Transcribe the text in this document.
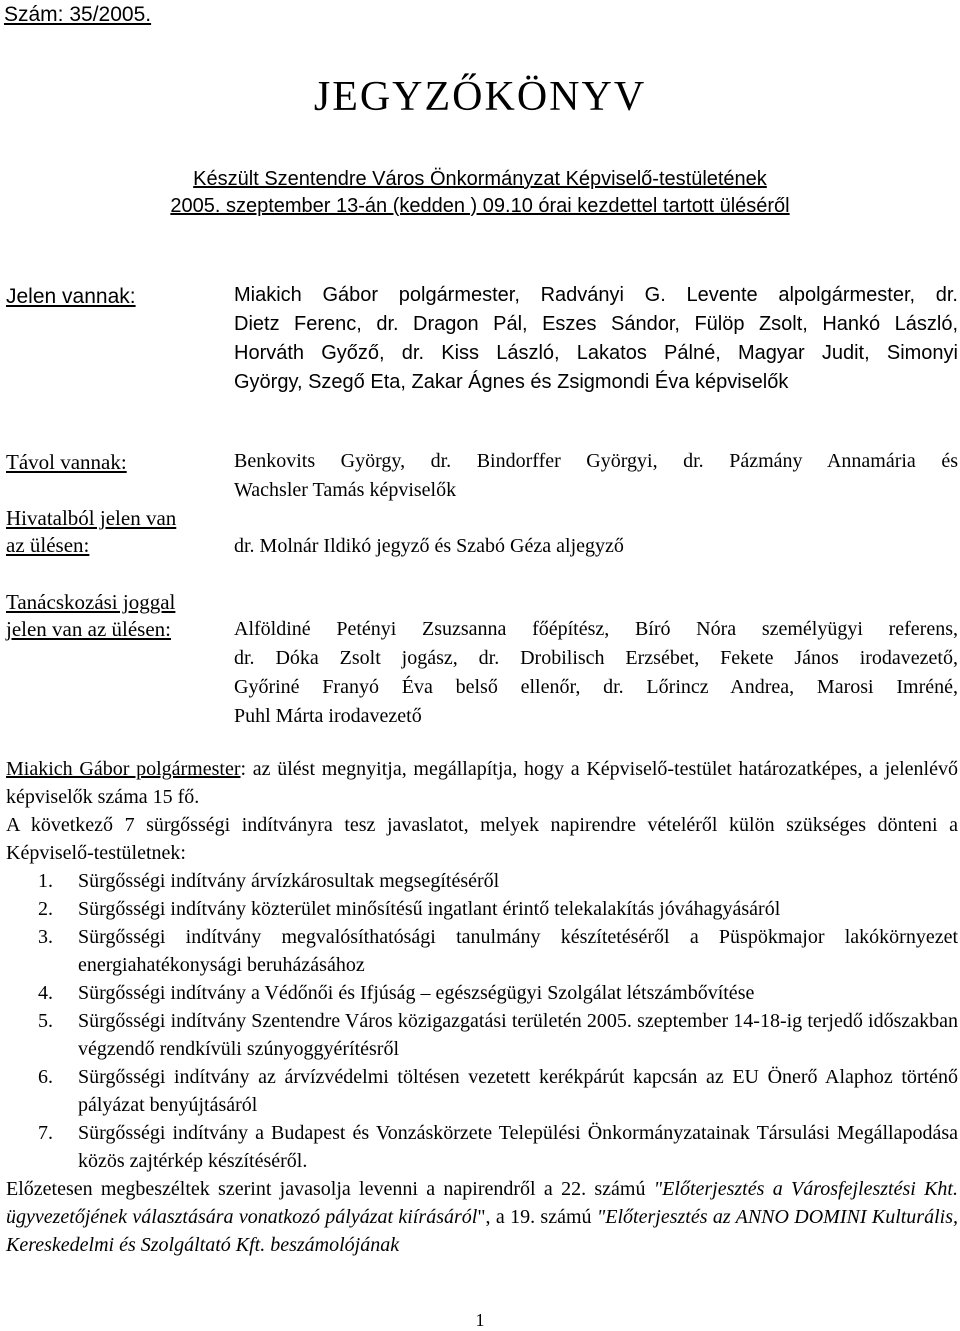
Szám: 35/2005.
JEGYZŐKÖNYV
Készült Szentendre Város Önkormányzat Képviselő-testületének
2005. szeptember 13-án (kedden ) 09.10 órai kezdettel tartott üléséről
Jelen vannak:	Miakich Gábor polgármester, Radványi G. Levente alpolgármester, dr.
Dietz Ferenc, dr. Dragon Pál, Eszes Sándor, Fülöp Zsolt, Hankó László,
Horváth Győző, dr. Kiss László, Lakatos Pálné, Magyar Judit, Simonyi
György, Szegő Eta, Zakar Ágnes és Zsigmondi Éva képviselők
Távol vannak:	Benkovits György, dr. Bindorffer Györgyi, dr. Pázmány Annamária és
Wachsler Tamás képviselők
Hivatalból jelen van
az ülésen:	dr. Molnár Ildikó jegyző és Szabó Géza aljegyző
Tanácskozási joggal
jelen van az ülésen:	Alföldiné Petényi Zsuzsanna főépítész, Bíró Nóra személyügyi referens,
dr. Dóka Zsolt jogász, dr. Drobilisch Erzsébet, Fekete János irodavezető,
Győriné Franyó Éva belső ellenőr, dr. Lőrincz Andrea, Marosi Imréné,
Puhl Márta irodavezető
Miakich Gábor polgármester: az ülést megnyitja, megállapítja, hogy a Képviselő-testület határozatképes, a jelenlévő képviselők száma 15 fő.
A következő 7 sürgősségi indítványra tesz javaslatot, melyek napirendre vételéről külön szükséges dönteni a Képviselő-testületnek:
1. Sürgősségi indítvány árvízkárosultak megsegítéséről
2. Sürgősségi indítvány közterület minősítésű ingatlant érintő telekalakítás jóváhagyásáról
3. Sürgősségi indítvány megvalósíthatósági tanulmány készítetéséről a Püspökmajor lakókörnyezet energiahatékonysági beruházásához
4. Sürgősségi indítvány a Védőnői és Ifjúság – egészségügyi Szolgálat létszámbővítése
5. Sürgősségi indítvány Szentendre Város közigazgatási területén 2005. szeptember 14-18-ig terjedő időszakban végzendő rendkívüli szúnyoggyérítésről
6. Sürgősségi indítvány az árvízvédelmi töltésen vezetett kerékpárút kapcsán az EU Önerő Alaphoz történő pályázat benyújtásáról
7. Sürgősségi indítvány a Budapest és Vonzáskörzete Települési Önkormányzatainak Társulási Megállapodása közös zajtérkép készítéséről.
Előzetesen megbeszéltek szerint javasolja levenni a napirendről a 22. számú "Előterjesztés a Városfejlesztési Kht. ügyvezetőjének választására vonatkozó pályázat kiírásáról", a 19. számú "Előterjesztés az ANNO DOMINI Kulturális, Kereskedelmi és Szolgáltató Kft. beszámolójának
1
